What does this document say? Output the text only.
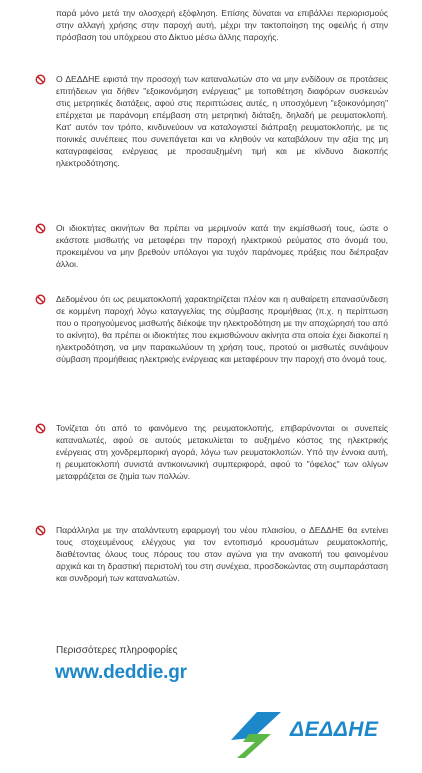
παρά μόνο μετά την ολοσχερή εξόφληση. Επίσης δύναται να επιβάλλει περιορισμούς στην αλλαγή χρήσης στην παροχή αυτή, μέχρι την τακτοποίηση της οφειλής ή στην πρόσβαση του υπόχρεου στο Δίκτυο μέσω άλλης παροχής.

Ο ΔΕΔΔΗΕ εφιστά την προσοχή των καταναλωτών στο να μην ενδίδουν σε προτάσεις επιτήδειων για δήθεν "εξοικονόμηση ενέργειας" με τοποθέτηση διαφόρων συσκευών στις μετρητικές διατάξεις, αφού στις περιπτώσεις αυτές, η υποσχόμενη "εξοικονόμηση" επέρχεται με παράνομη επέμβαση στη μετρητική διάταξη, δηλαδή με ρευματοκλοπή. Κατ' αυτόν τον τρόπο, κινδυνεύουν να καταλογιστεί διάπραξη ρευματοκλοπής, με τις ποινικές συνέπειες που συνεπάγεται και να κληθούν να καταβάλουν την αξία της μη καταγραφείσας ενέργειας με προσαυξημένη τιμή και με κίνδυνο διακοπής ηλεκτροδότησης.

Οι ιδιοκτήτες ακινήτων θα πρέπει να μεριμνούν κατά την εκμίσθωσή τους, ώστε ο εκάστοτε μισθωτής να μεταφέρει την παροχή ηλεκτρικού ρεύματος στο όνομά του, προκειμένου να μην βρεθούν υπόλογοι για τυχόν παράνομες πράξεις που διέπραξαν άλλοι.

Δεδομένου ότι ως ρευματοκλοπή χαρακτηρίζεται πλέον και η αυθαίρετη επανασύνδεση σε κομμένη παροχή λόγω καταγγελίας της σύμβασης προμήθειας (π.χ. η περίπτωση που ο προηγούμενος μισθωτής διέκοψε την ηλεκτροδότηση με την αποχώρησή του από το ακίνητο), θα πρέπει οι ιδιοκτήτες που εκμισθώνουν ακίνητα στα οποία έχει διακοπεί η ηλεκτροδότηση, να μην παρακωλύουν τη χρήση τους, προτού οι μισθωτές συνάψουν σύμβαση προμήθειας ηλεκτρικής ενέργειας και μεταφέρουν την παροχή στο όνομά τους.

Τονίζεται ότι από το φαινόμενο της ρευματοκλοπής, επιβαρύνονται οι συνεπείς καταναλωτές, αφού σε αυτούς μετακυλίεται το αυξημένο κόστος της ηλεκτρικής ενέργειας στη χονδρεμπορική αγορά, λόγω των ρευματοκλοπών. Υπό την έννοια αυτή, η ρευματοκλοπή συνιστά αντικοινωνική συμπεριφορά, αφού το "όφελος" των ολίγων μεταφράζεται σε ζημία των πολλών.

Παράλληλα με την αταλάντευτη εφαρμογή του νέου πλαισίου, ο ΔΕΔΔΗΕ θα εντείνει τους στοχευμένους ελέγχους για τον εντοπισμό κρουσμάτων ρευματοκλοπής, διαθέτοντας όλους τους πόρους του στον αγώνα για την ανακοπή του φαινομένου αρχικά και τη δραστική περιστολή του στη συνέχεια, προσδοκώντας στη συμπαράσταση και συνδρομή των καταναλωτών.

Περισσότερες πληροφορίες
www.deddie.gr
ΔΕΔΔΗΕ
